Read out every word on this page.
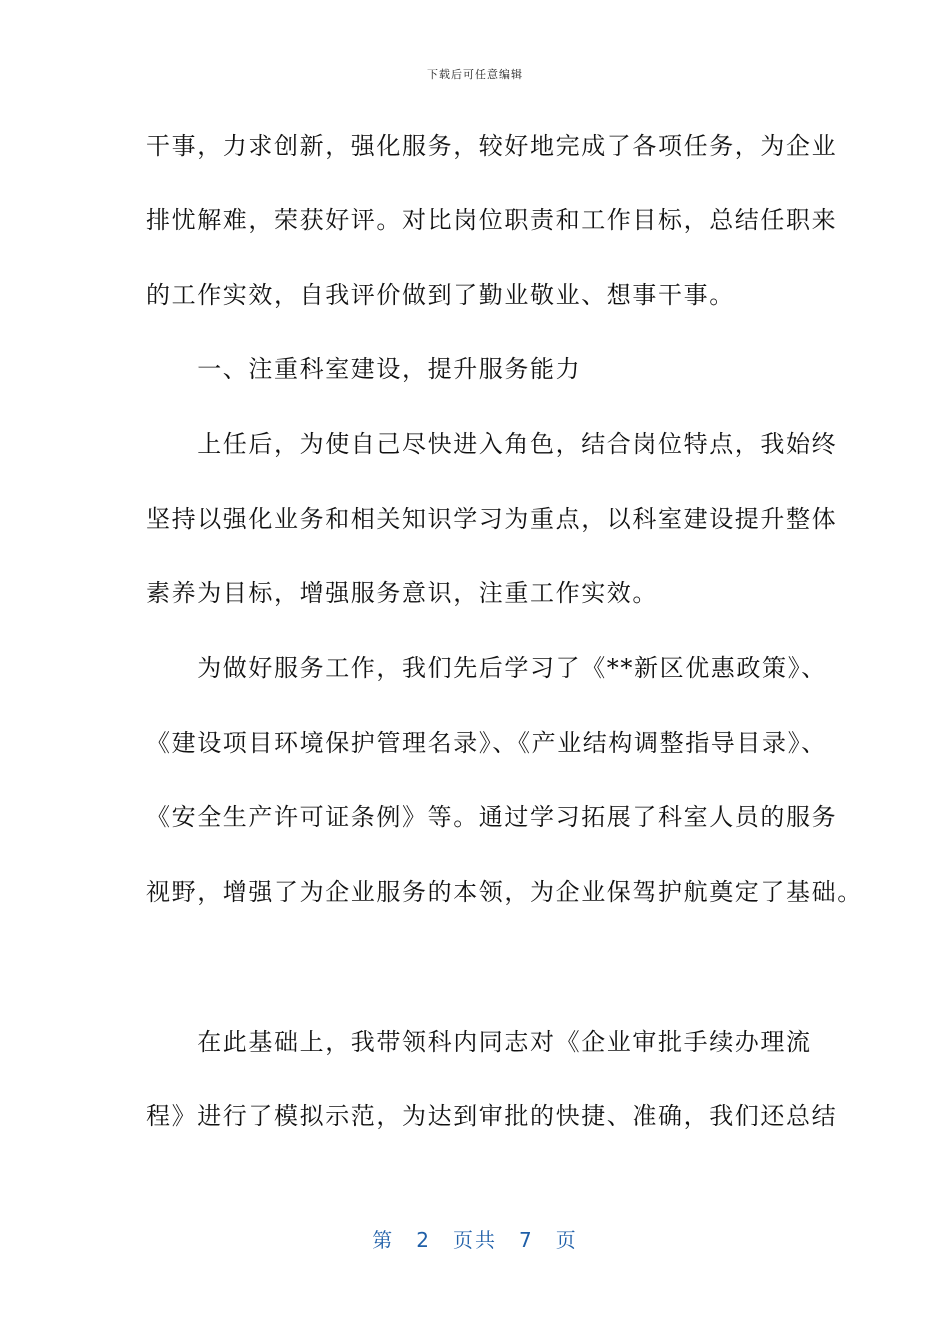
下载后可任意编辑
干事，力求创新，强化服务，较好地完成了各项任务，为企业
排忧解难，荣获好评。对比岗位职责和工作目标，总结任职来
的工作实效，自我评价做到了勤业敬业、想事干事。
　　一、注重科室建设，提升服务能力
　　上任后，为使自己尽快进入角色，结合岗位特点，我始终
坚持以强化业务和相关知识学习为重点，以科室建设提升整体
素养为目标，增强服务意识，注重工作实效。
　　为做好服务工作，我们先后学习了《**新区优惠政策》、
《建设项目环境保护管理名录》、《产业结构调整指导目录》、
《安全生产许可证条例》等。通过学习拓展了科室人员的服务
视野，增强了为企业服务的本领，为企业保驾护航奠定了基础。
　　在此基础上，我带领科内同志对《企业审批手续办理流
程》进行了模拟示范，为达到审批的快捷、准确，我们还总结
第 2 页共 7 页
